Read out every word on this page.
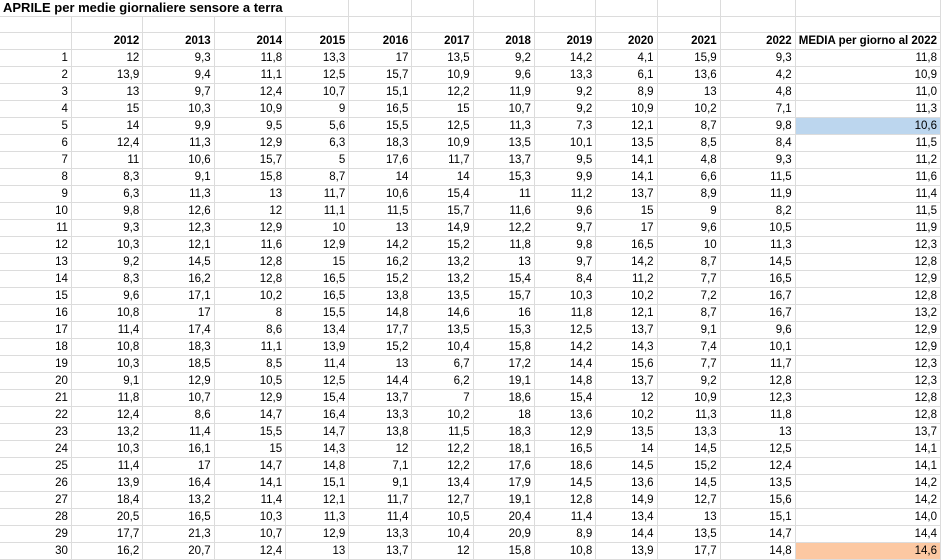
APRILE per medie giornaliere sensore a terra												

	2012	2013	2014	2015	2016	2017	2018	2019	2020	2021	2022	MEDIA per giorno al 2022
1	12	9,3	11,8	13,3	17	13,5	9,2	14,2	4,1	15,9	9,3	11,8
2	13,9	9,4	11,1	12,5	15,7	10,9	9,6	13,3	6,1	13,6	4,2	10,9
3	13	9,7	12,4	10,7	15,1	12,2	11,9	9,2	8,9	13	4,8	11,0
4	15	10,3	10,9	9	16,5	15	10,7	9,2	10,9	10,2	7,1	11,3
5	14	9,9	9,5	5,6	15,5	12,5	11,3	7,3	12,1	8,7	9,8	10,6
6	12,4	11,3	12,9	6,3	18,3	10,9	13,5	10,1	13,5	8,5	8,4	11,5
7	11	10,6	15,7	5	17,6	11,7	13,7	9,5	14,1	4,8	9,3	11,2
8	8,3	9,1	15,8	8,7	14	14	15,3	9,9	14,1	6,6	11,5	11,6
9	6,3	11,3	13	11,7	10,6	15,4	11	11,2	13,7	8,9	11,9	11,4
10	9,8	12,6	12	11,1	11,5	15,7	11,6	9,6	15	9	8,2	11,5
11	9,3	12,3	12,9	10	13	14,9	12,2	9,7	17	9,6	10,5	11,9
12	10,3	12,1	11,6	12,9	14,2	15,2	11,8	9,8	16,5	10	11,3	12,3
13	9,2	14,5	12,8	15	16,2	13,2	13	9,7	14,2	8,7	14,5	12,8
14	8,3	16,2	12,8	16,5	15,2	13,2	15,4	8,4	11,2	7,7	16,5	12,9
15	9,6	17,1	10,2	16,5	13,8	13,5	15,7	10,3	10,2	7,2	16,7	12,8
16	10,8	17	8	15,5	14,8	14,6	16	11,8	12,1	8,7	16,7	13,2
17	11,4	17,4	8,6	13,4	17,7	13,5	15,3	12,5	13,7	9,1	9,6	12,9
18	10,8	18,3	11,1	13,9	15,2	10,4	15,8	14,2	14,3	7,4	10,1	12,9
19	10,3	18,5	8,5	11,4	13	6,7	17,2	14,4	15,6	7,7	11,7	12,3
20	9,1	12,9	10,5	12,5	14,4	6,2	19,1	14,8	13,7	9,2	12,8	12,3
21	11,8	10,7	12,9	15,4	13,7	7	18,6	15,4	12	10,9	12,3	12,8
22	12,4	8,6	14,7	16,4	13,3	10,2	18	13,6	10,2	11,3	11,8	12,8
23	13,2	11,4	15,5	14,7	13,8	11,5	18,3	12,9	13,5	13,3	13	13,7
24	10,3	16,1	15	14,3	12	12,2	18,1	16,5	14	14,5	12,5	14,1
25	11,4	17	14,7	14,8	7,1	12,2	17,6	18,6	14,5	15,2	12,4	14,1
26	13,9	16,4	14,1	15,1	9,1	13,4	17,9	14,5	13,6	14,5	13,5	14,2
27	18,4	13,2	11,4	12,1	11,7	12,7	19,1	12,8	14,9	12,7	15,6	14,2
28	20,5	16,5	10,3	11,3	11,4	10,5	20,4	11,4	13,4	13	15,1	14,0
29	17,7	21,3	10,7	12,9	13,3	10,4	20,9	8,9	14,4	13,5	14,7	14,4
30	16,2	20,7	12,4	13	13,7	12	15,8	10,8	13,9	17,7	14,8	14,6
